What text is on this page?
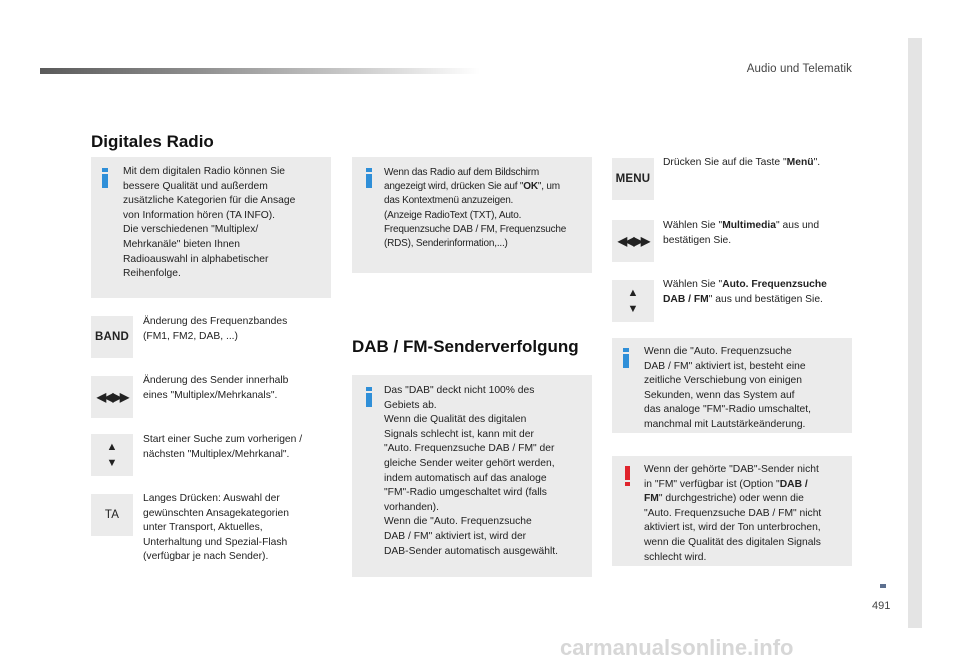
Audio und Telematik
491
carmanualsonline.info
Digitales Radio
Mit dem digitalen Radio können Sie
bessere Qualität und außerdem
zusätzliche Kategorien für die Ansage
von Information hören (TA INFO).
Die verschiedenen "Multiplex/
Mehrkanäle" bieten Ihnen
Radioauswahl in alphabetischer
Reihenfolge.
BAND
Änderung des Frequenzbandes
(FM1, FM2, DAB, ...)
◀◀ ▶▶
Änderung des Sender innerhalb
eines "Multiplex/Mehrkanals".
▲ ▼
Start einer Suche zum vorherigen /
nächsten "Multiplex/Mehrkanal".
TA
Langes Drücken: Auswahl der
gewünschten Ansagekategorien
unter Transport, Aktuelles,
Unterhaltung und Spezial-Flash
(verfügbar je nach Sender).
Wenn das Radio auf dem Bildschirm
angezeigt wird, drücken Sie auf "OK", um
das Kontextmenü anzuzeigen.
(Anzeige RadioText (TXT), Auto.
Frequenzsuche DAB / FM, Frequenzsuche
(RDS), Senderinformation,...)
DAB / FM-Senderverfolgung
Das "DAB" deckt nicht 100% des
Gebiets ab.
Wenn die Qualität des digitalen
Signals schlecht ist, kann mit der
"Auto. Frequenzsuche DAB / FM" der
gleiche Sender weiter gehört werden,
indem automatisch auf das analoge
"FM"-Radio umgeschaltet wird (falls
vorhanden).
Wenn die "Auto. Frequenzsuche
DAB / FM" aktiviert ist, wird der
DAB-Sender automatisch ausgewählt.
MENU
Drücken Sie auf die Taste "Menü".
◀◀ ▶▶
Wählen Sie "Multimedia" aus und
bestätigen Sie.
▲ ▼
Wählen Sie "Auto. Frequenzsuche
DAB / FM" aus und bestätigen Sie.
Wenn die "Auto. Frequenzsuche
DAB / FM" aktiviert ist, besteht eine
zeitliche Verschiebung von einigen
Sekunden, wenn das System auf
das analoge "FM"-Radio umschaltet,
manchmal mit Lautstärkeänderung.
Wenn der gehörte "DAB"-Sender nicht
in "FM" verfügbar ist (Option "DAB /
FM" durchgestriche) oder wenn die
"Auto. Frequenzsuche DAB / FM" nicht
aktiviert ist, wird der Ton unterbrochen,
wenn die Qualität des digitalen Signals
schlecht wird.
